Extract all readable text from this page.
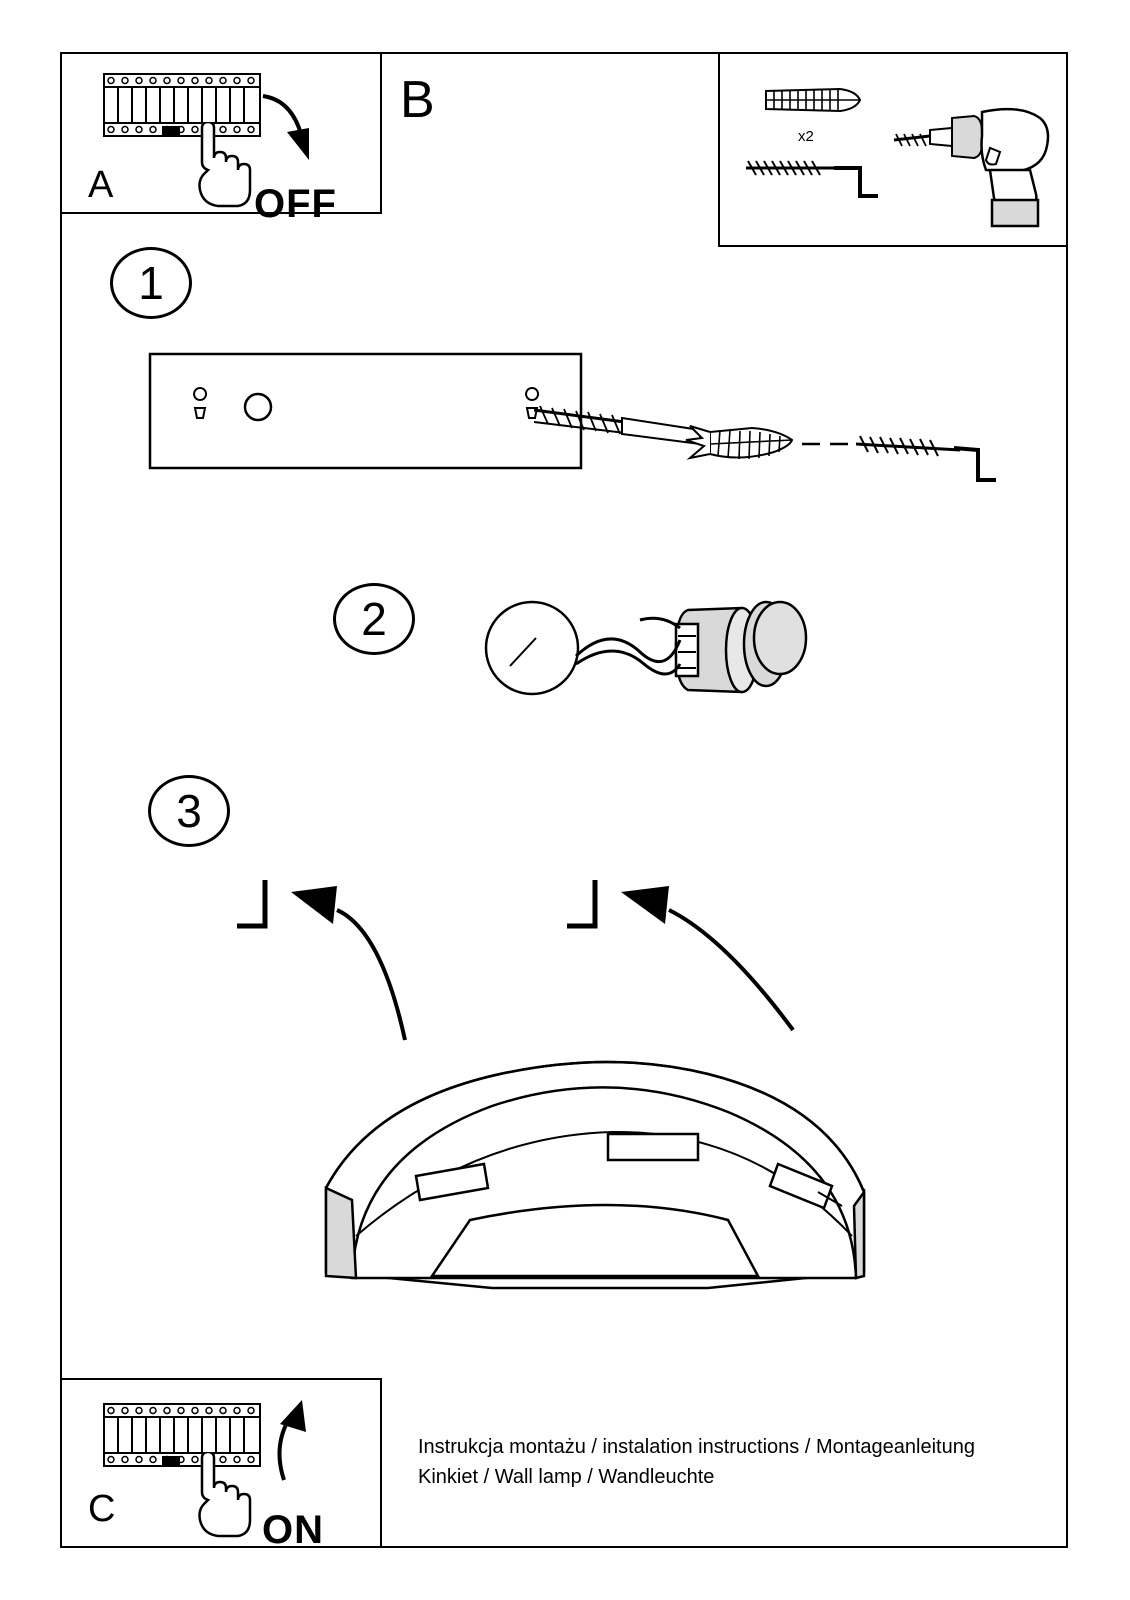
A	OFF
B
x2
1
2
3
C	ON
Instrukcja montażu / instalation instructions / Montageanleitung
Kinkiet / Wall lamp / Wandleuchte
